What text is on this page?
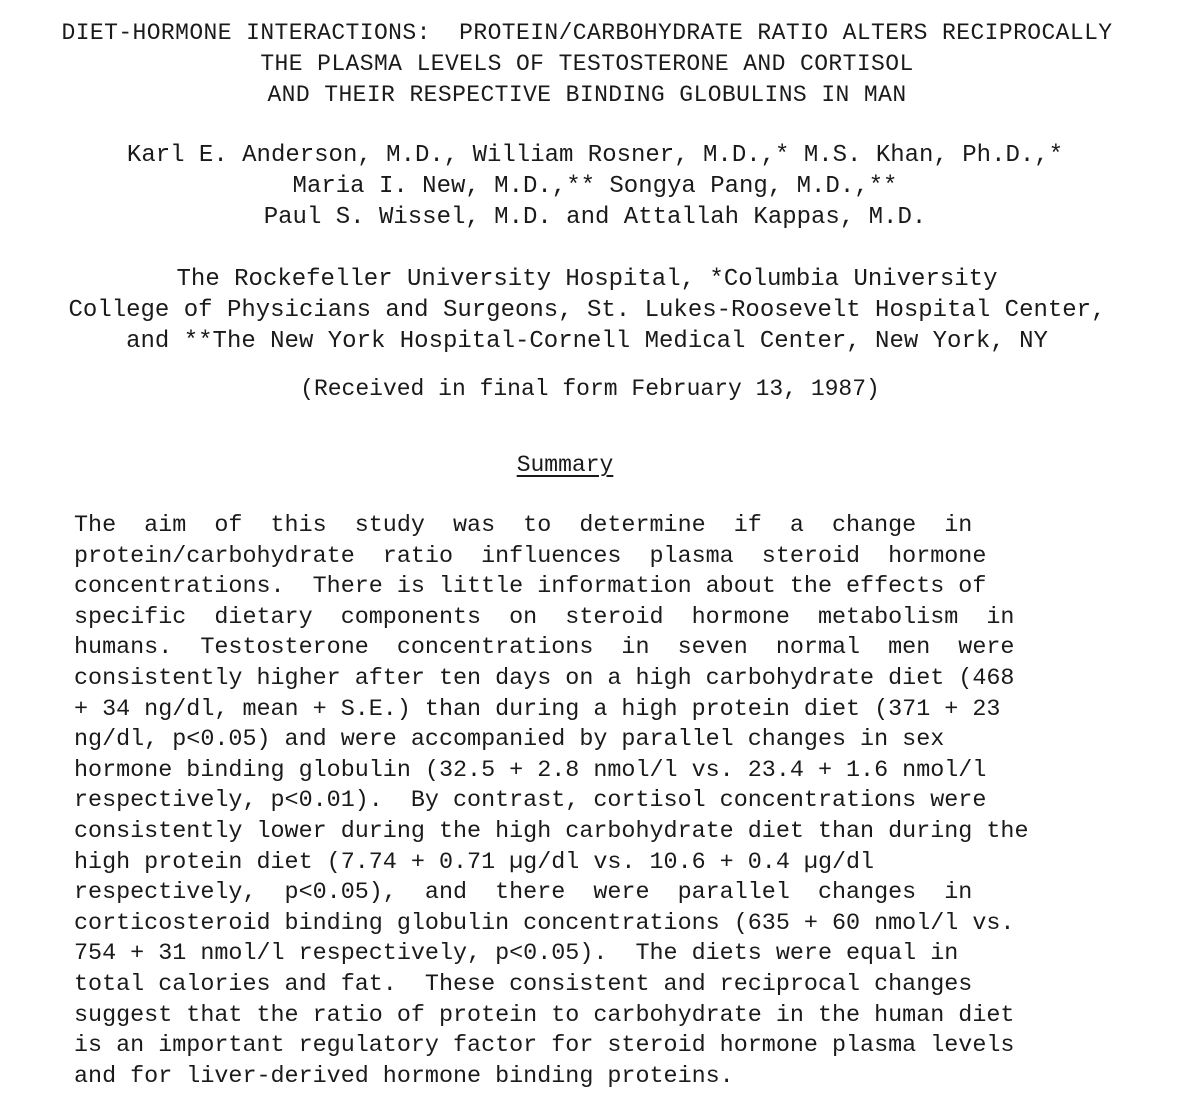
DIET-HORMONE INTERACTIONS:  PROTEIN/CARBOHYDRATE RATIO ALTERS RECIPROCALLY
THE PLASMA LEVELS OF TESTOSTERONE AND CORTISOL
AND THEIR RESPECTIVE BINDING GLOBULINS IN MAN
Karl E. Anderson, M.D., William Rosner, M.D.,* M.S. Khan, Ph.D.,*
Maria I. New, M.D.,** Songya Pang, M.D.,**
Paul S. Wissel, M.D. and Attallah Kappas, M.D.
The Rockefeller University Hospital, *Columbia University
College of Physicians and Surgeons, St. Lukes-Roosevelt Hospital Center,
and **The New York Hospital-Cornell Medical Center, New York, NY
(Received in final form February 13, 1987)
Summary
The  aim  of  this  study  was  to  determine  if  a  change  in
protein/carbohydrate  ratio  influences  plasma  steroid  hormone
concentrations.  There is little information about the effects of
specific  dietary  components  on  steroid  hormone  metabolism  in
humans.  Testosterone  concentrations  in  seven  normal  men  were
consistently higher after ten days on a high carbohydrate diet (468
+ 34 ng/dl, mean + S.E.) than during a high protein diet (371 + 23
ng/dl, p<0.05) and were accompanied by parallel changes in sex
hormone binding globulin (32.5 + 2.8 nmol/l vs. 23.4 + 1.6 nmol/l
respectively, p<0.01).  By contrast, cortisol concentrations were
consistently lower during the high carbohydrate diet than during the
high protein diet (7.74 + 0.71 µg/dl vs. 10.6 + 0.4 µg/dl
respectively,  p<0.05),  and  there  were  parallel  changes  in
corticosteroid binding globulin concentrations (635 + 60 nmol/l vs.
754 + 31 nmol/l respectively, p<0.05).  The diets were equal in
total calories and fat.  These consistent and reciprocal changes
suggest that the ratio of protein to carbohydrate in the human diet
is an important regulatory factor for steroid hormone plasma levels
and for liver-derived hormone binding proteins.
